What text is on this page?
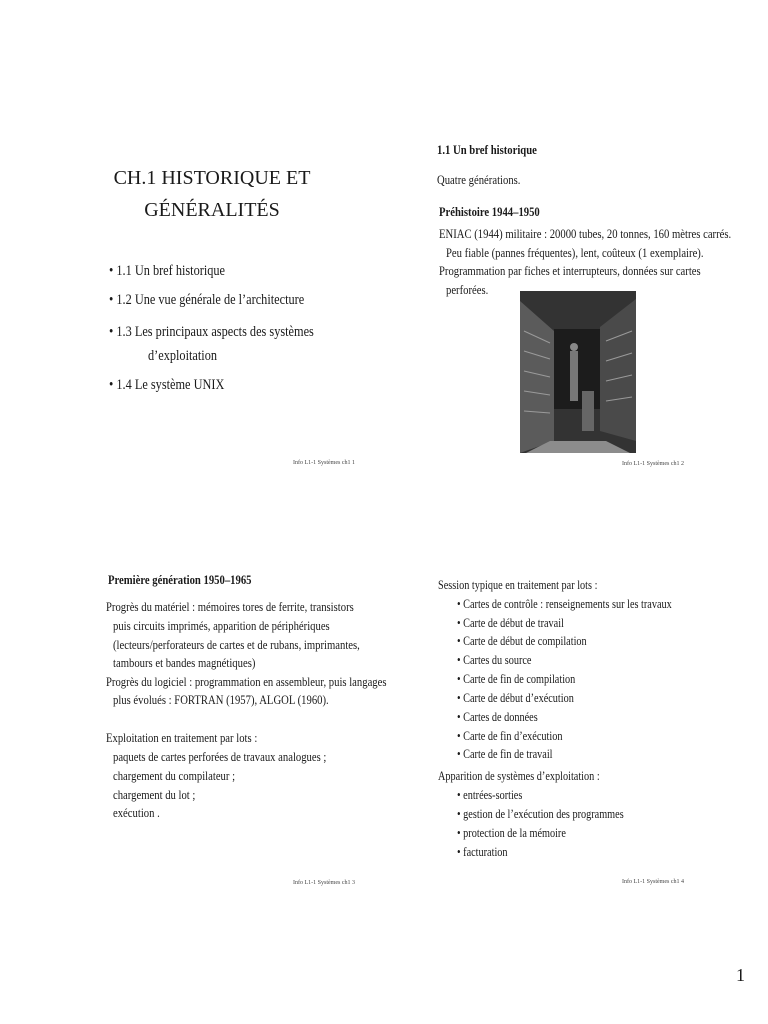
CH.1 HISTORIQUE ET
GÉNÉRALITÉS
• 1.1 Un bref historique
• 1.2 Une vue générale de l’architecture
• 1.3 Les principaux aspects des systèmes
d’exploitation
• 1.4 Le système UNIX
Info L1-1 Systèmes ch1 1
1.1 Un bref historique
Quatre générations.
Préhistoire 1944–1950
ENIAC (1944) militaire : 20000 tubes, 20 tonnes, 160 mètres carrés.
Peu fiable (pannes fréquentes), lent, coûteux (1 exemplaire).
Programmation par fiches et interrupteurs, données sur cartes
perforées.
Info L1-1 Systèmes ch1 2
Première génération 1950–1965
Progrès du matériel : mémoires tores de ferrite, transistors
puis circuits imprimés, apparition de périphériques
(lecteurs/perforateurs de cartes et de rubans, imprimantes,
tambours et bandes magnétiques)
Progrès du logiciel : programmation en assembleur, puis langages
plus évolués : FORTRAN (1957), ALGOL (1960).
Exploitation en traitement par lots :
paquets de cartes perforées de travaux analogues ;
chargement du compilateur ;
chargement du lot ;
exécution .
Info L1-1 Systèmes ch1 3
Session typique en traitement par lots :
• Cartes de contrôle : renseignements sur les travaux
• Carte de début de travail
• Carte de début de compilation
• Cartes du source
• Carte de fin de compilation
• Carte de début d’exécution
• Cartes de données
• Carte de fin d’exécution
• Carte de fin de travail
Apparition de systèmes d’exploitation :
• entrées-sorties
• gestion de l’exécution des programmes
• protection de la mémoire
• facturation
Info L1-1 Systèmes ch1 4
1
